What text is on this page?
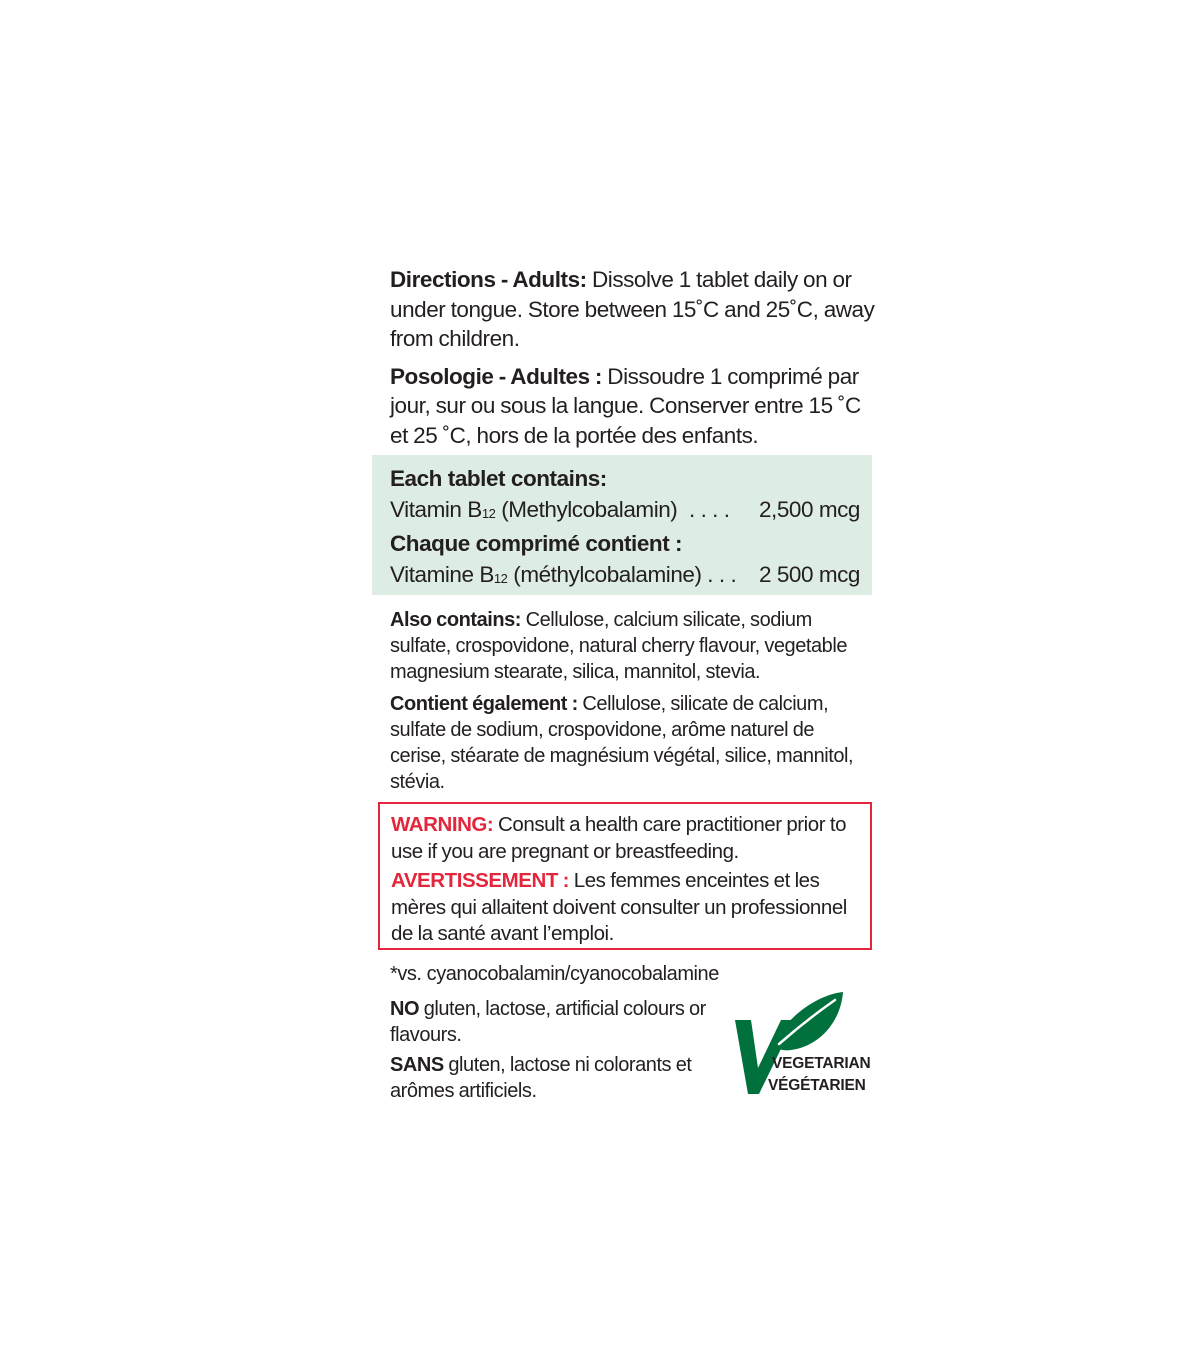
Directions - Adults: Dissolve 1 tablet daily on or under tongue. Store between 15˚C and 25˚C, away from children.

Posologie - Adultes : Dissoudre 1 comprimé par jour, sur ou sous la langue. Conserver entre 15 ˚C et 25 ˚C, hors de la portée des enfants.

Each tablet contains:
Vitamin B12 (Methylcobalamin)  . . . . 2,500 mcg
Chaque comprimé contient :
Vitamine B12 (méthylcobalamine) . . . 2 500 mcg

Also contains: Cellulose, calcium silicate, sodium sulfate, crospovidone, natural cherry flavour, vegetable magnesium stearate, silica, mannitol, stevia.

Contient également : Cellulose, silicate de calcium, sulfate de sodium, crospovidone, arôme naturel de cerise, stéarate de magnésium végétal, silice, mannitol, stévia.

WARNING: Consult a health care practitioner prior to use if you are pregnant or breastfeeding.

AVERTISSEMENT : Les femmes enceintes et les mères qui allaitent doivent consulter un professionnel de la santé avant l’emploi.

*vs. cyanocobalamin/cyanocobalamine

NO gluten, lactose, artificial colours or flavours.

SANS gluten, lactose ni colorants et arômes artificiels.

VEGETARIAN
VÉGÉTARIEN
